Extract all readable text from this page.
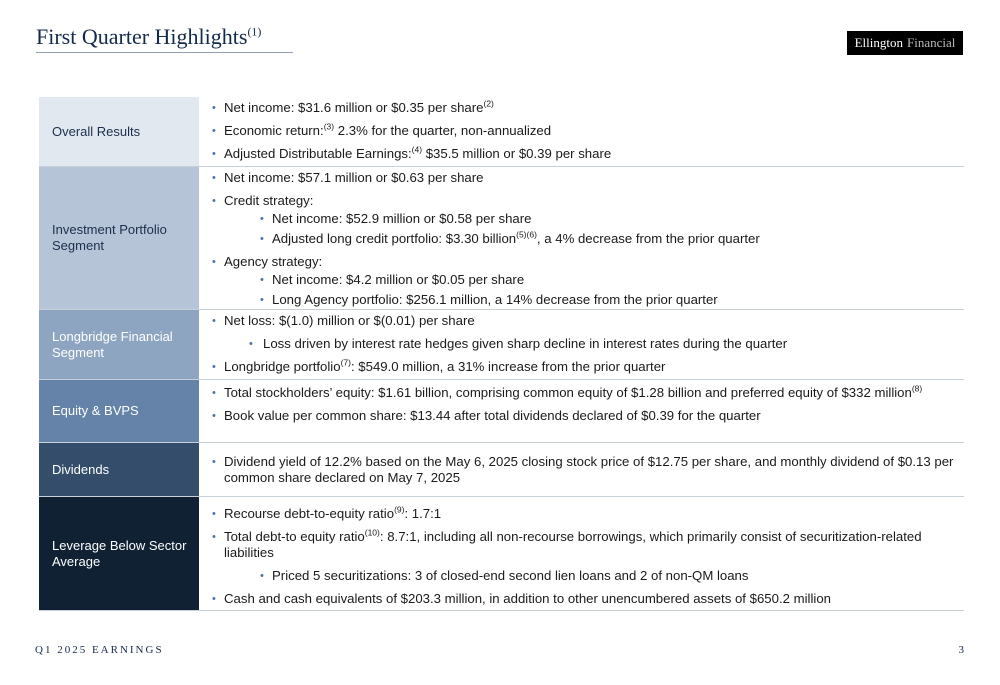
First Quarter Highlights$^{(1)}$
Ellington Financial
Overall Results
• Net income: $31.6 million or $0.35 per share$^{(2)}$
• Economic return:$^{(3)}$ 2.3% for the quarter, non-annualized
• Adjusted Distributable Earnings:$^{(4)}$ $35.5 million or $0.39 per share
Investment Portfolio Segment
• Net income: $57.1 million or $0.63 per share
• Credit strategy:
• Net income: $52.9 million or $0.58 per share
• Adjusted long credit portfolio: $3.30 billion$^{(5)(6)}$, a 4% decrease from the prior quarter
• Agency strategy:
• Net income: $4.2 million or $0.05 per share
• Long Agency portfolio: $256.1 million, a 14% decrease from the prior quarter
Longbridge Financial Segment
• Net loss: $(1.0) million or $(0.01) per share
• Loss driven by interest rate hedges given sharp decline in interest rates during the quarter
• Longbridge portfolio$^{(7)}$: $549.0 million, a 31% increase from the prior quarter
Equity & BVPS
• Total stockholders’ equity: $1.61 billion, comprising common equity of $1.28 billion and preferred equity of $332 million$^{(8)}$
• Book value per common share: $13.44 after total dividends declared of $0.39 for the quarter
Dividends	• Dividend yield of 12.2% based on the May 6, 2025 closing stock price of $12.75 per share, and monthly dividend of $0.13 per common share declared on May 7, 2025
Leverage Below Sector Average
• Recourse debt-to-equity ratio$^{(9)}$: 1.7:1
• Total debt-to equity ratio$^{(10)}$: 8.7:1, including all non-recourse borrowings, which primarily consist of securitization-related liabilities
• Priced 5 securitizations: 3 of closed-end second lien loans and 2 of non-QM loans
• Cash and cash equivalents of $203.3 million, in addition to other unencumbered assets of $650.2 million
Q1 2025 EARNINGS	3
